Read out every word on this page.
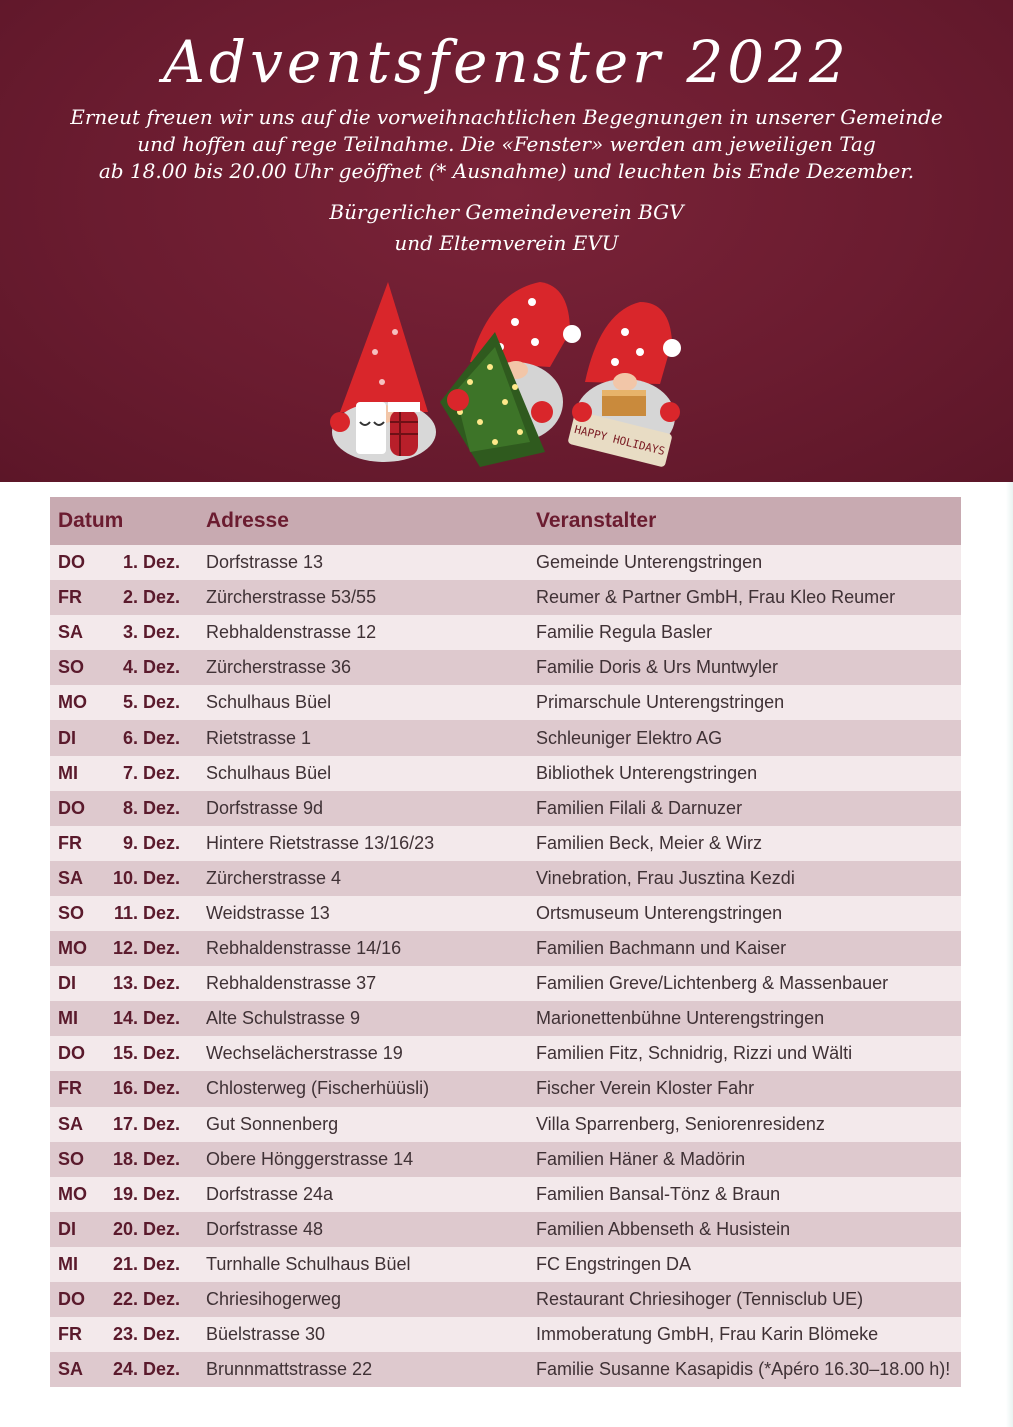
Adventsfenster 2022
Erneut freuen wir uns auf die vorweihnachtlichen Begegnungen in unserer Gemeinde
und hoffen auf rege Teilnahme. Die «Fenster» werden am jeweiligen Tag
ab 18.00 bis 20.00 Uhr geöffnet (* Ausnahme) und leuchten bis Ende Dezember.
Bürgerlicher Gemeindeverein BGV
und Elternverein EVU
HAPPY HOLIDAYS
Datum	Adresse	Veranstalter
DO	1. Dez.	Dorfstrasse 13	Gemeinde Unterengstringen
FR	2. Dez.	Zürcherstrasse 53/55	Reumer & Partner GmbH, Frau Kleo Reumer
SA	3. Dez.	Rebhaldenstrasse 12	Familie Regula Basler
SO	4. Dez.	Zürcherstrasse 36	Familie Doris & Urs Muntwyler
MO	5. Dez.	Schulhaus Büel	Primarschule Unterengstringen
DI	6. Dez.	Rietstrasse 1	Schleuniger Elektro AG
MI	7. Dez.	Schulhaus Büel	Bibliothek Unterengstringen
DO	8. Dez.	Dorfstrasse 9d	Familien Filali & Darnuzer
FR	9. Dez.	Hintere Rietstrasse 13/16/23	Familien Beck, Meier & Wirz
SA	10. Dez.	Zürcherstrasse 4	Vinebration, Frau Jusztina Kezdi
SO	11. Dez.	Weidstrasse 13	Ortsmuseum Unterengstringen
MO	12. Dez.	Rebhaldenstrasse 14/16	Familien Bachmann und Kaiser
DI	13. Dez.	Rebhaldenstrasse 37	Familien Greve/Lichtenberg & Massenbauer
MI	14. Dez.	Alte Schulstrasse 9	Marionettenbühne Unterengstringen
DO	15. Dez.	Wechselächerstrasse 19	Familien Fitz, Schnidrig, Rizzi und Wälti
FR	16. Dez.	Chlosterweg (Fischerhüüsli)	Fischer Verein Kloster Fahr
SA	17. Dez.	Gut Sonnenberg	Villa Sparrenberg, Seniorenresidenz
SO	18. Dez.	Obere Hönggerstrasse 14	Familien Häner & Madörin
MO	19. Dez.	Dorfstrasse 24a	Familien Bansal-Tönz & Braun
DI	20. Dez.	Dorfstrasse 48	Familien Abbenseth & Husistein
MI	21. Dez.	Turnhalle Schulhaus Büel	FC Engstringen DA
DO	22. Dez.	Chriesihogerweg	Restaurant Chriesihoger (Tennisclub UE)
FR	23. Dez.	Büelstrasse 30	Immoberatung GmbH, Frau Karin Blömeke
SA	24. Dez.	Brunnmattstrasse 22	Familie Susanne Kasapidis (*Apéro 16.30–18.00 h)!
